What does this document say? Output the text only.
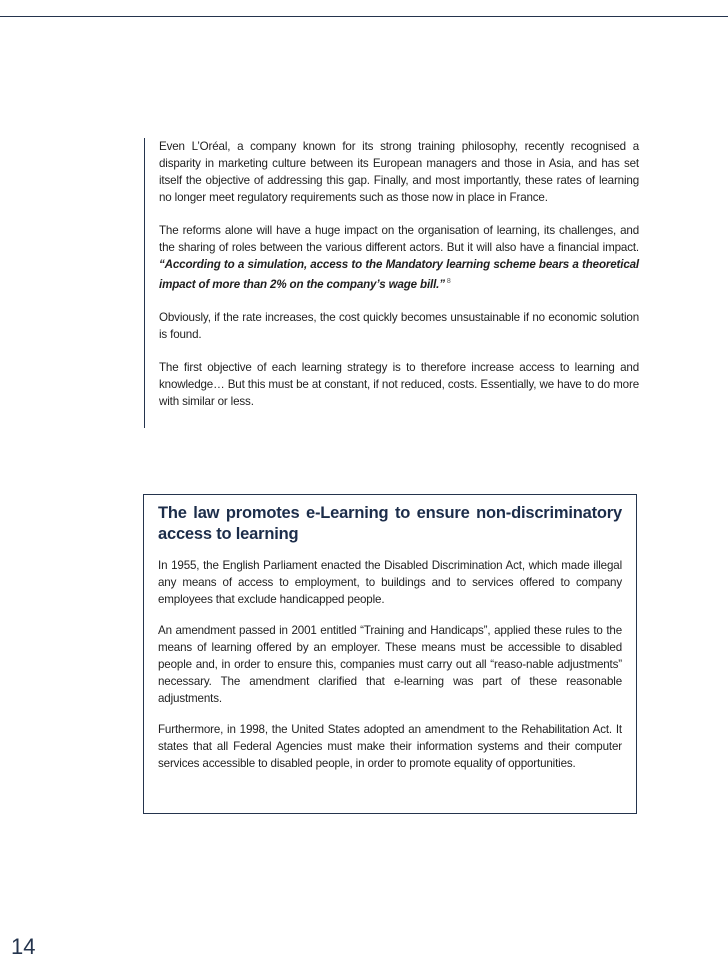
Even L’Oréal, a company known for its strong training philosophy, recently recognised a disparity in marketing culture between its European managers and those in Asia, and has set itself the objective of addressing this gap. Finally, and most importantly, these rates of learning no longer meet regulatory requirements such as those now in place in France.

The reforms alone will have a huge impact on the organisation of learning, its challenges, and the sharing of roles between the various different actors. But it will also have a financial impact. “According to a simulation, access to the Mandatory learning scheme bears a theoretical impact of more than 2% on the company’s wage bill.” $^8$

Obviously, if the rate increases, the cost quickly becomes unsustainable if no economic solution is found.

The first objective of each learning strategy is to therefore increase access to learning and knowledge… But this must be at constant, if not reduced, costs. Essentially, we have to do more with similar or less.

The law promotes e-Learning to ensure non-discriminatory access to learning

In 1955, the English Parliament enacted the Disabled Discrimination Act, which made illegal any means of access to employment, to buildings and to services offered to company employees that exclude handicapped people.

An amendment passed in 2001 entitled “Training and Handicaps”, applied these rules to the means of learning offered by an employer. These means must be accessible to disabled people and, in order to ensure this, companies must carry out all “reaso-nable adjustments” necessary. The amendment clarified that e-learning was part of these reasonable adjustments.

Furthermore, in 1998, the United States adopted an amendment to the Rehabilitation Act. It states that all Federal Agencies must make their information systems and their computer services accessible to disabled people, in order to promote equality of opportunities.

14
